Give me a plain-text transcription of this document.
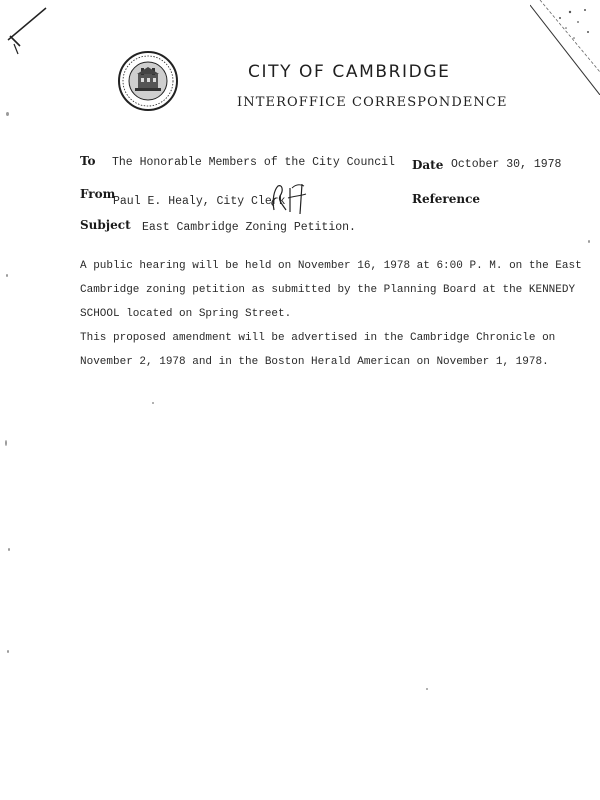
CITY OF CAMBRIDGE
INTEROFFICE CORRESPONDENCE
To The Honorable Members of the City Council Date October 30, 1978
From
Paul E. Healy, City Clerk	Reference
Subject East Cambridge Zoning Petition.
A public hearing will be held on November 16, 1978 at 6:00 P. M. on the East
Cambridge zoning petition as submitted by the Planning Board at the KENNEDY
SCHOOL located on Spring Street.
This proposed amendment will be advertised in the Cambridge Chronicle on
November 2, 1978 and in the Boston Herald American on November 1, 1978.
